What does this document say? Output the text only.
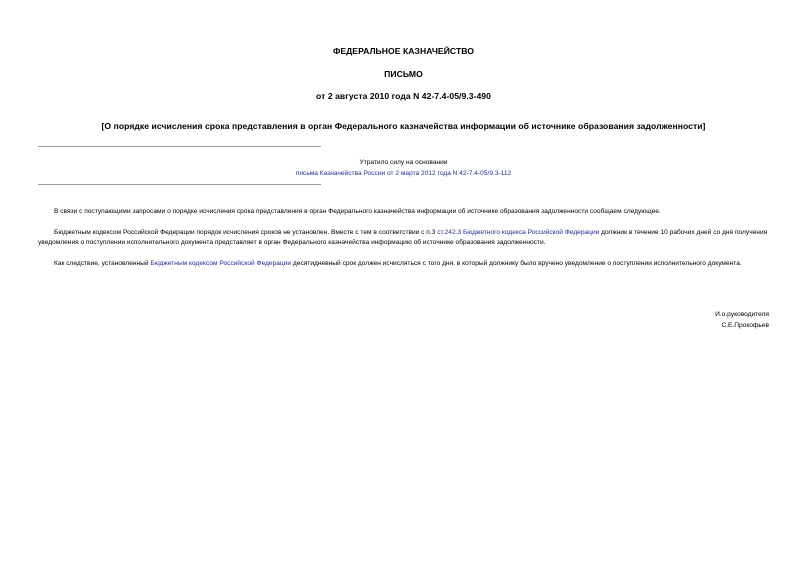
ФЕДЕРАЛЬНОЕ КАЗНАЧЕЙСТВО
ПИСЬМО
от 2 августа 2010 года N 42-7.4-05/9.3-490
[О порядке исчисления срока представления в орган Федерального казначейства информации об источнике образования задолженности]
Утратило силу на основании
письма Казначейства России от 2 марта 2012 года N 42-7.4-05/9.3-112
В связи с поступающими запросами о порядке исчисления срока представления в орган Федерального казначейства информации об источнике образования задолженности сообщаем следующее.
Бюджетным кодексом Российской Федерации порядок исчисления сроков не установлен. Вместе с тем в соответствии с п.3 ст.242.3 Бюджетного кодекса Российской Федерации должник в течение 10 рабочих дней со дня получения уведомления о поступлении исполнительного документа представляет в орган Федерального казначейства информацию об источнике образования задолженности.
Как следствие, установленный Бюджетным кодексом Российской Федерации десятидневный срок должен исчисляться с того дня, в который должнику было вручено уведомление о поступлении исполнительного документа.
И.о.руководителя
С.Е.Прокофьев
